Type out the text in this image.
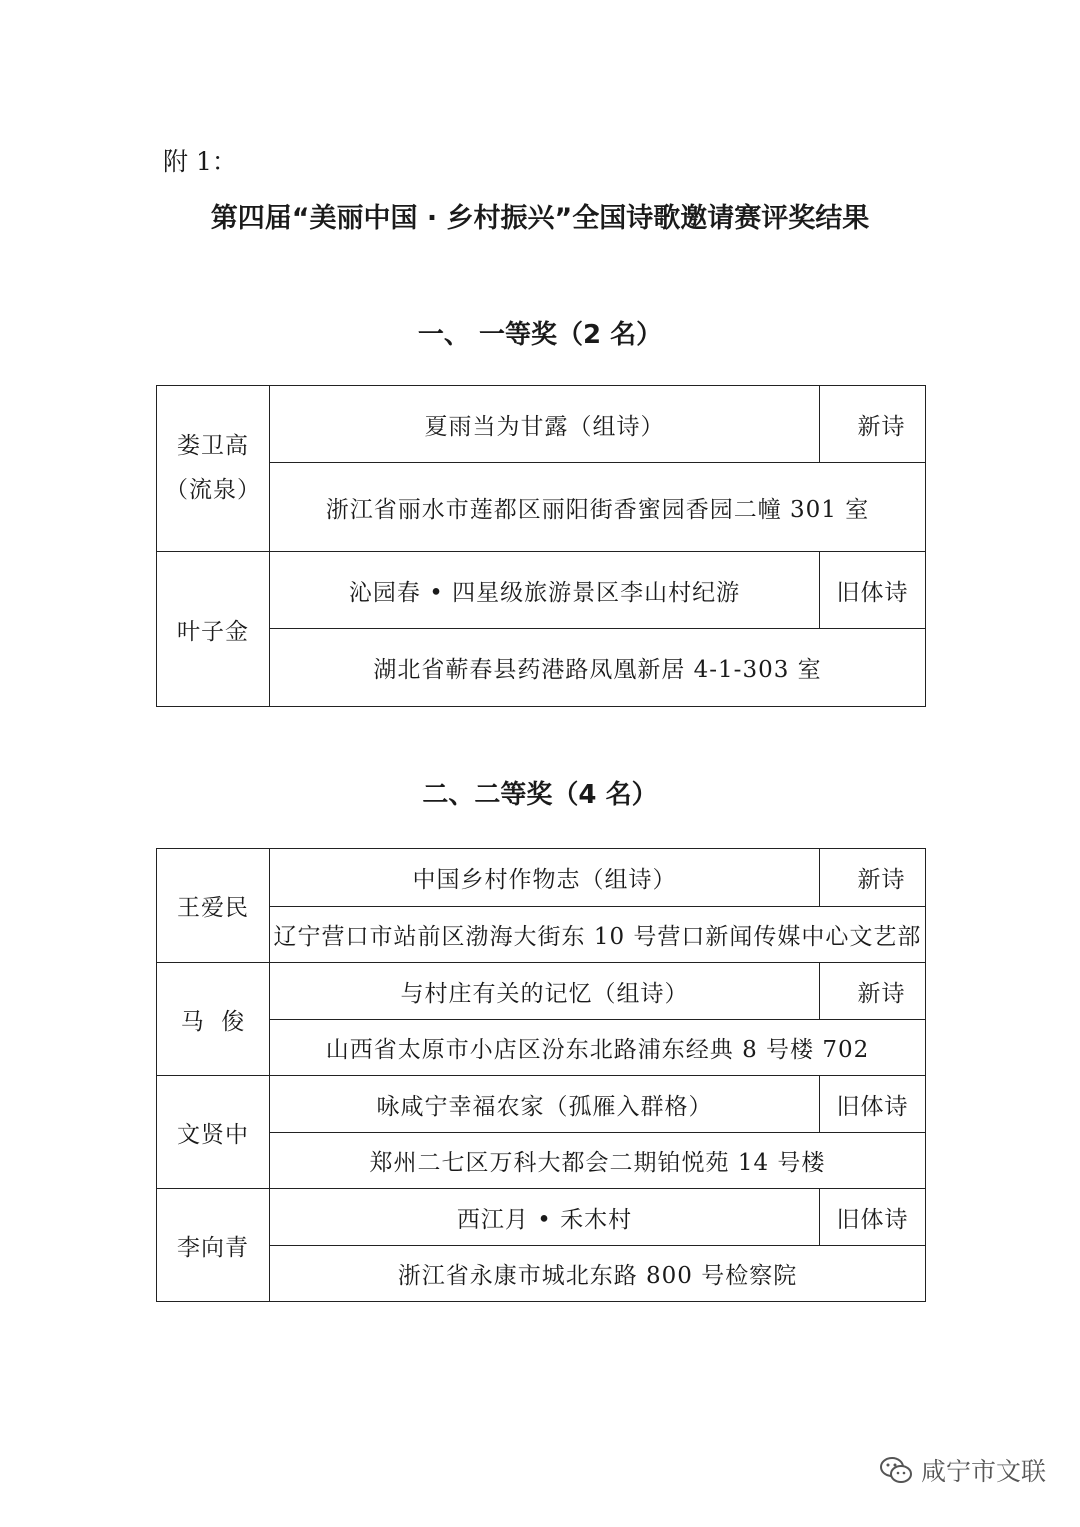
附 1：
第四届“美丽中国 · 乡村振兴”全国诗歌邀请赛评奖结果
一、 一等奖（2 名）
娄卫高
（流泉）	夏雨当为甘露（组诗）	新诗
	浙江省丽水市莲都区丽阳街香蜜园香园二幢 301 室	
叶子金	沁园春 • 四星级旅游景区李山村纪游	旧体诗
	湖北省蕲春县药港路凤凰新居 4-1-303 室	
二、二等奖（4 名）
王爱民	中国乡村作物志（组诗）	新诗
	辽宁营口市站前区渤海大街东 10 号营口新闻传媒中心文艺部	
马  俊	与村庄有关的记忆（组诗）	新诗
	山西省太原市小店区汾东北路浦东经典 8 号楼 702	
文贤中	咏咸宁幸福农家（孤雁入群格）	旧体诗
	郑州二七区万科大都会二期铂悦苑 14 号楼	
李向青	西江月 • 禾木村	旧体诗
	浙江省永康市城北东路 800 号检察院	
咸宁市文联
